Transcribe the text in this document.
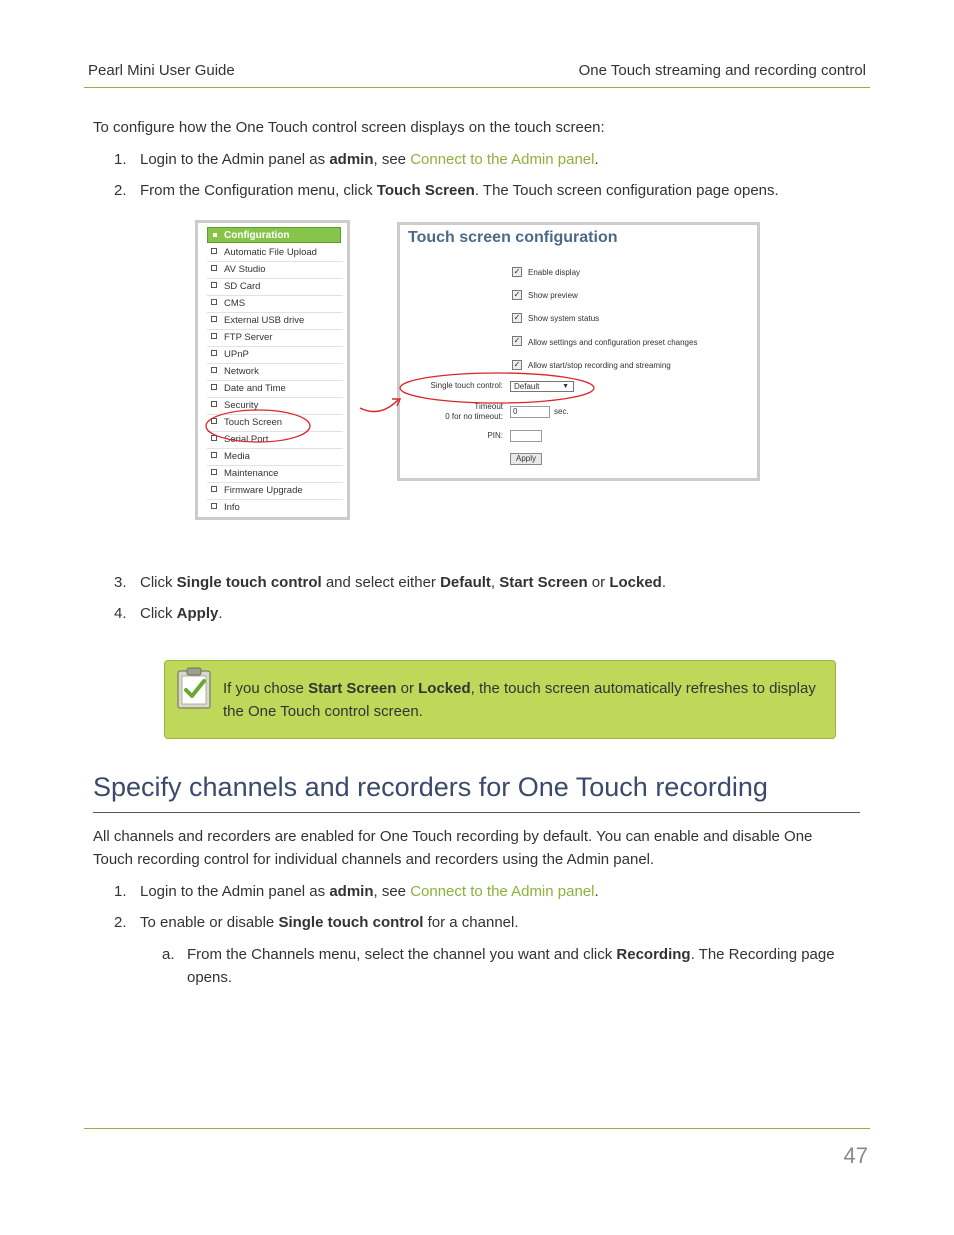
Pearl Mini User Guide	One Touch streaming and recording control
To configure how the One Touch control screen displays on the touch screen:
1. Login to the Admin panel as admin, see Connect to the Admin panel.
2. From the Configuration menu, click Touch Screen. The Touch screen configuration page opens.
Configuration
Automatic File Upload
AV Studio
SD Card
CMS
External USB drive
FTP Server
UPnP
Network
Date and Time
Security
Touch Screen
Serial Port
Media
Maintenance
Firmware Upgrade
Info
Touch screen configuration
✓ Enable display
✓ Show preview
✓ Show system status
✓ Allow settings and configuration preset changes
✓ Allow start/stop recording and streaming
Single touch control:	Default	▼
Timeout
0 for no timeout:
0	sec.
PIN:
Apply
3. Click Single touch control and select either Default, Start Screen or Locked.
4. Click Apply.
If you chose Start Screen or Locked, the touch screen automatically refreshes to display the One Touch control screen.
Specify channels and recorders for One Touch recording
All channels and recorders are enabled for One Touch recording by default. You can enable and disable One Touch recording control for individual channels and recorders using the Admin panel.
1. Login to the Admin panel as admin, see Connect to the Admin panel.
2. To enable or disable Single touch control for a channel.
a. From the Channels menu, select the channel you want and click Recording. The Recording page opens.
47
